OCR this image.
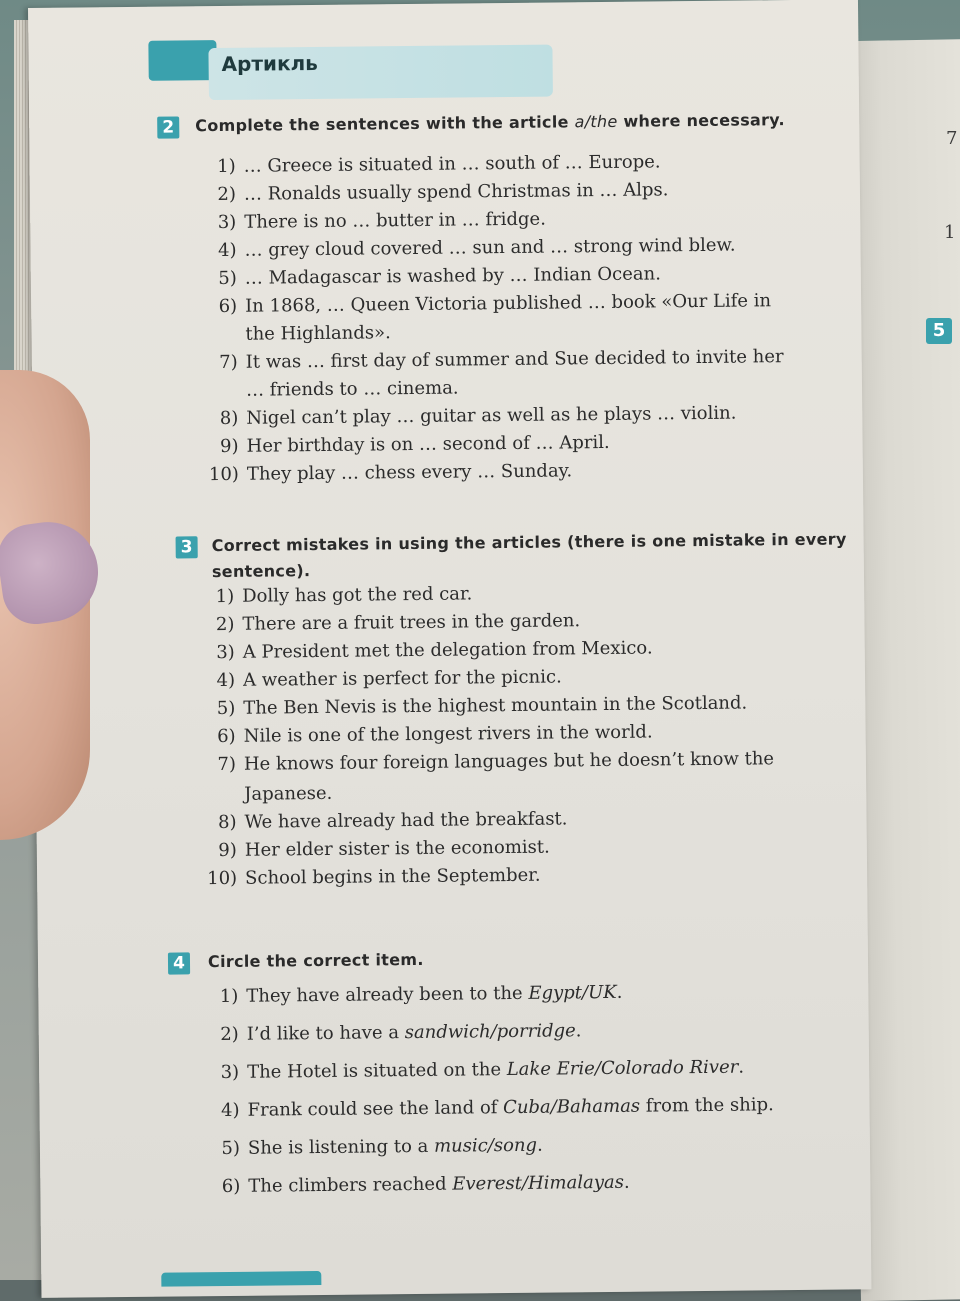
Артикль
2	Complete the sentences with the article a/the where necessary.
1) … Greece is situated in … south of … Europe.
2) … Ronalds usually spend Christmas in … Alps.
3) There is no … butter in … fridge.
4) … grey cloud covered … sun and … strong wind blew.
5) … Madagascar is washed by … Indian Ocean.
6) In 1868, … Queen Victoria published … book «Our Life in
the Highlands».
7) It was … first day of summer and Sue decided to invite her
… friends to … cinema.
8) Nigel can’t play … guitar as well as he plays … violin.
9) Her birthday is on … second of … April.
10) They play … chess every … Sunday.
3	Correct mistakes in using the articles (there is one mistake in every
sentence).
1) Dolly has got the red car.
2) There are a fruit trees in the garden.
3) A President met the delegation from Mexico.
4) A weather is perfect for the picnic.
5) The Ben Nevis is the highest mountain in the Scotland.
6) Nile is one of the longest rivers in the world.
7) He knows four foreign languages but he doesn’t know the
Japanese.
8) We have already had the breakfast.
9) Her elder sister is the economist.
10) School begins in the September.
4	Circle the correct item.
1) They have already been to the Egypt/UK.
2) I’d like to have a sandwich/porridge.
3) The Hotel is situated on the Lake Erie/Colorado River.
4) Frank could see the land of Cuba/Bahamas from the ship.
5) She is listening to a music/song.
6) The climbers reached Everest/Himalayas.
5
7
1
